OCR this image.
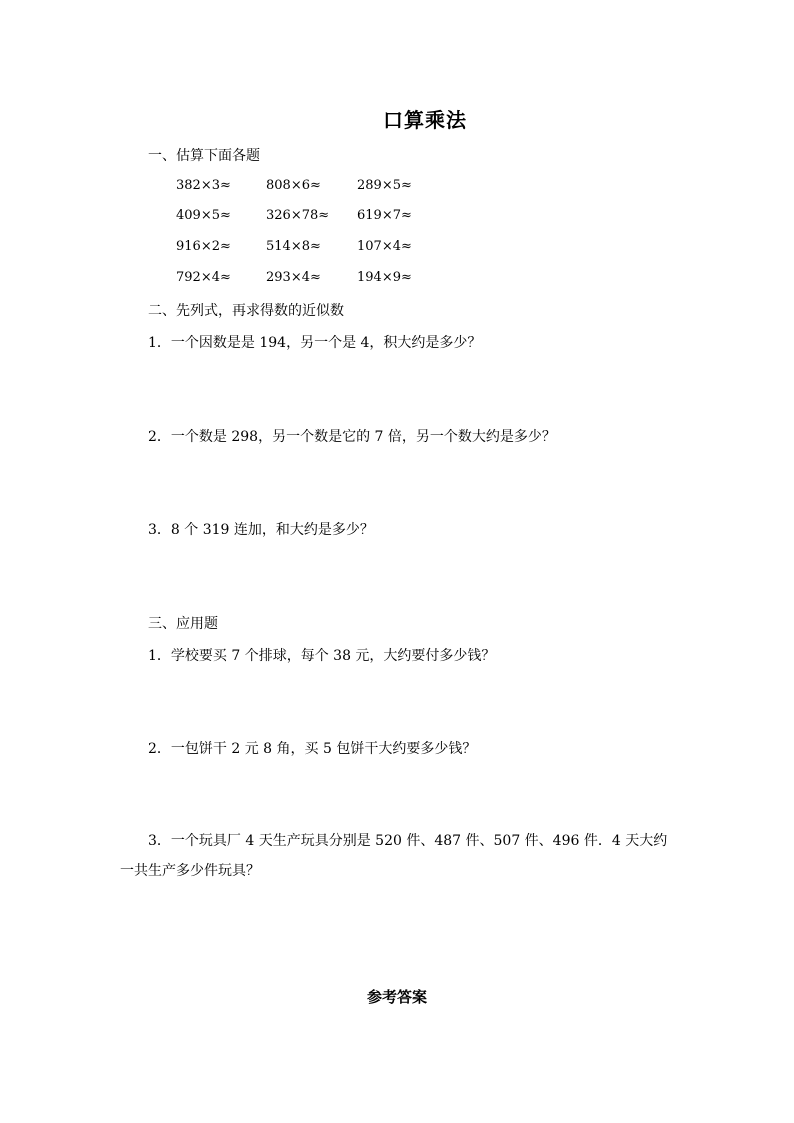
口算乘法
一、估算下面各题
382×3≈	808×6≈	289×5≈
409×5≈	326×78≈ 619×7≈
916×2≈	514×8≈	107×4≈
792×4≈	293×4≈	194×9≈
二、先列式，再求得数的近似数
1．一个因数是是 194，另一个是 4，积大约是多少？
2．一个数是 298，另一个数是它的 7 倍，另一个数大约是多少？
3．8 个 319 连加，和大约是多少？
三、应用题
1．学校要买 7 个排球，每个 38 元，大约要付多少钱？
2．一包饼干 2 元 8 角，买 5 包饼干大约要多少钱？
3．一个玩具厂 4 天生产玩具分别是 520 件、487 件、507 件、496 件．4 天大约一共生产多少件玩具？
参考答案
